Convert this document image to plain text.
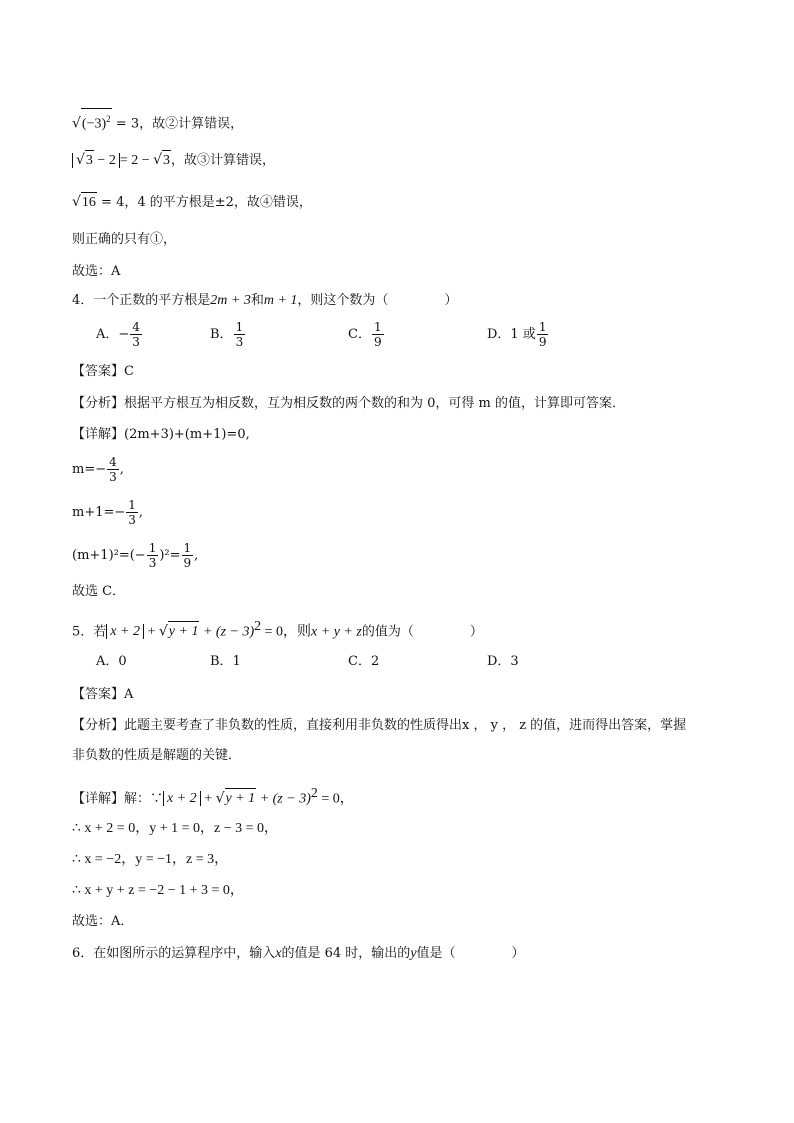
$√(-3)^2 = 3$，故②计算错误，
√3 − 2 = 2 − √3，故③计算错误，
√16 = 4，4 的平方根是±2，故④错误，
则正确的只有①，
故选：A
4．一个正数的平方根是2m + 3和m + 1，则这个数为（	）
A．− $\frac{4}{3}$	B． $\frac{1}{3}$	C． $\frac{1}{9}$	D．1 或 $\frac{1}{9}$
【答案】C
【分析】根据平方根互为相反数，互为相反数的两个数的和为 0，可得 m 的值，计算即可答案．
【详解】(2m+3)+(m+1)=0,
$m=- \frac{4}{3}$ ,
$m+1=- \frac{1}{3}$ ,
$(m+1)^2=(- \frac{1}{3} )^2= \frac{1}{9}$ ,
故选 C．
5．若 $x + 2 + √y + 1 + (z - 3)^2 = 0$，则x + y + z的值为（	）
A．0	B．1	C．2	D．3
【答案】A
【分析】此题主要考查了非负数的性质，直接利用非负数的性质得出x ， y ， z 的值，进而得出答案，掌握
非负数的性质是解题的关键．
【详解】解：∵ $x + 2 + √y + 1 + (z - 3)^2 = 0$，
∴ x + 2 = 0，y + 1 = 0，z − 3 = 0，
∴ x = −2，y = −1，z = 3，
∴ x + y + z = −2 − 1 + 3 = 0，
故选：A．
6．在如图所示的运算程序中，输入x的值是 64 时，输出的y值是（	）
